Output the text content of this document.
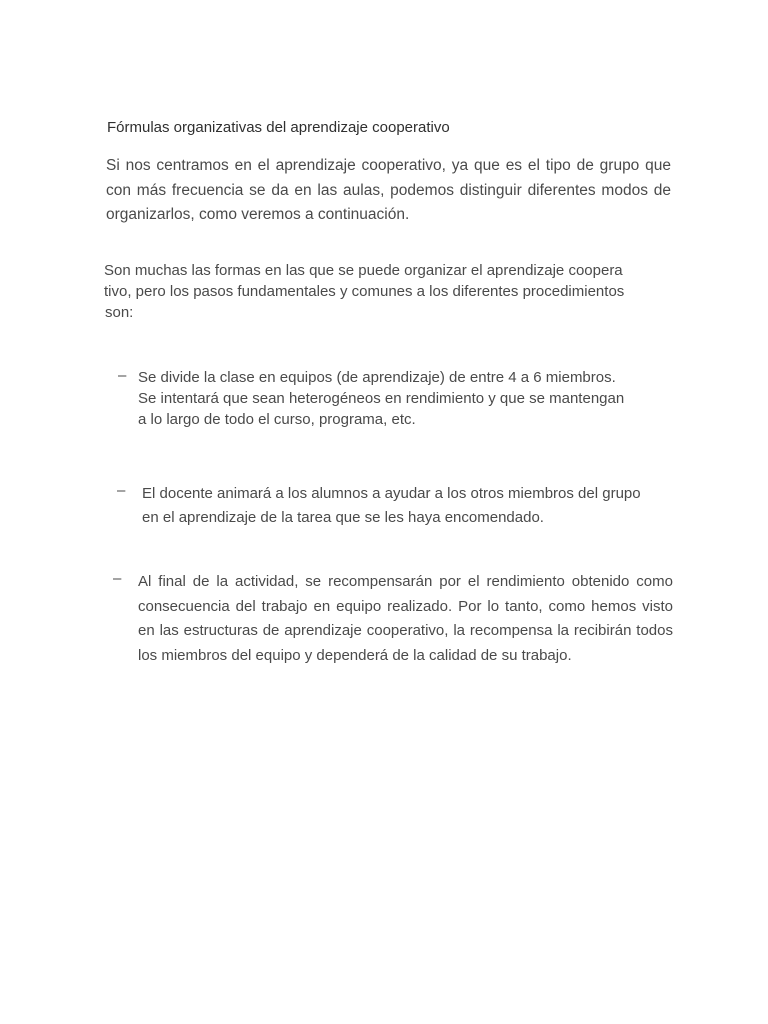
Fórmulas organizativas del aprendizaje cooperativo
Si nos centramos en el aprendizaje cooperativo, ya que es el tipo de grupo que con más frecuencia se da en las aulas, podemos distinguir diferentes modos de organizarlos, como veremos a continuación.
Son muchas las formas en las que se puede organizar el aprendizaje coopera
tivo, pero los pasos fundamentales y comunes a los diferentes procedimientos
son:
– Se divide la clase en equipos (de aprendizaje) de entre 4 a 6 miembros.
Se intentará que sean heterogéneos en rendimiento y que se mantengan
a lo largo de todo el curso, programa, etc.
– El docente animará a los alumnos a ayudar a los otros miembros del grupo
en el aprendizaje de la tarea que se les haya encomendado.
– Al final de la actividad, se recompensarán por el rendimiento obtenido como consecuencia del trabajo en equipo realizado. Por lo tanto, como hemos visto en las estructuras de aprendizaje cooperativo, la recompensa la recibirán todos los miembros del equipo y dependerá de la calidad de su trabajo.
